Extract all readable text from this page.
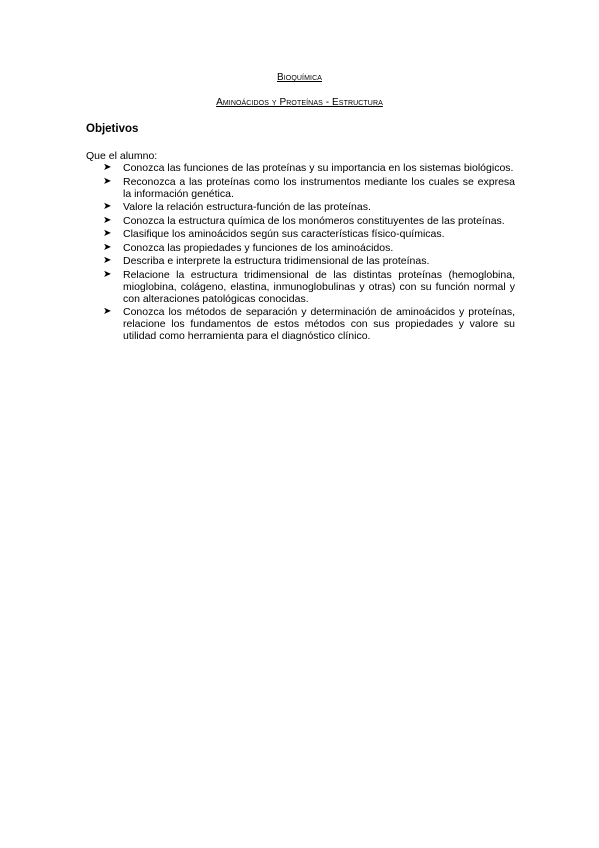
Bioquímica
Aminoácidos y Proteínas - Estructura
Objetivos
Que el alumno:
➤ Conozca las funciones de las proteínas y su importancia en los sistemas biológicos.
➤ Reconozca a las proteínas como los instrumentos mediante los cuales se expresa la información genética.
➤ Valore la relación estructura-función de las proteínas.
➤ Conozca la estructura química de los monómeros constituyentes de las proteínas.
➤ Clasifique los aminoácidos según sus características físico-químicas.
➤ Conozca las propiedades y funciones de los aminoácidos.
➤ Describa e interprete la estructura tridimensional de las proteínas.
➤ Relacione la estructura tridimensional de las distintas proteínas (hemoglobina, mioglobina, colágeno, elastina, inmunoglobulinas y otras) con su función normal y con alteraciones patológicas conocidas.
➤ Conozca los métodos de separación y determinación de aminoácidos y proteínas, relacione los fundamentos de estos métodos con sus propiedades y valore su utilidad como herramienta para el diagnóstico clínico.
